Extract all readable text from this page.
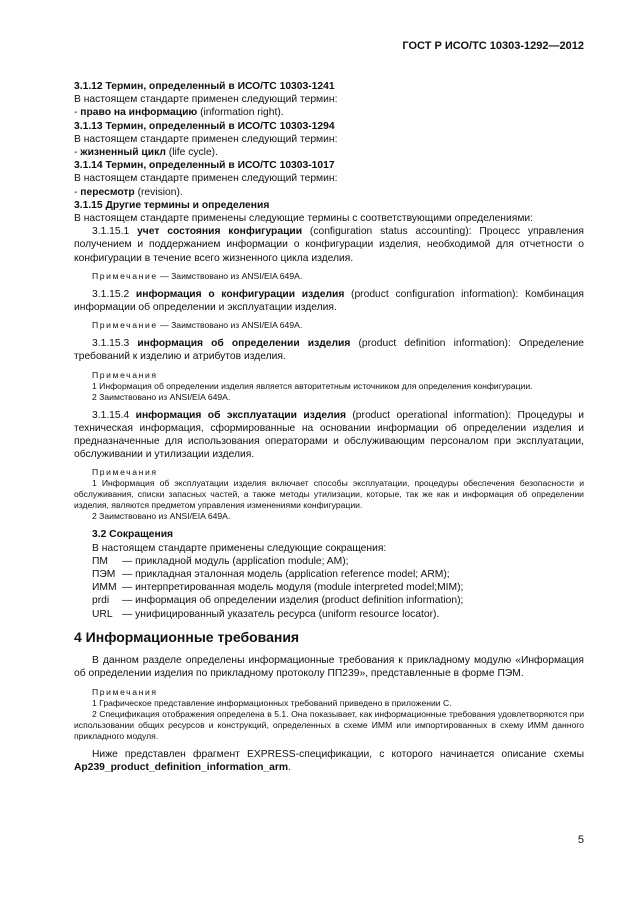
ГОСТ Р ИСО/ТС 10303-1292—2012

3.1.12 Термин, определенный в ИСО/ТС 10303-1241

В настоящем стандарте применен следующий термин:

- право на информацию (information right).

3.1.13 Термин, определенный в ИСО/ТС 10303-1294

В настоящем стандарте применен следующий термин:

- жизненный цикл (life cycle).

3.1.14 Термин, определенный в ИСО/ТС 10303-1017

В настоящем стандарте применен следующий термин:

- пересмотр (revision).

3.1.15 Другие термины и определения

В настоящем стандарте применены следующие термины с соответствующими определениями:

3.1.15.1 учет состояния конфигурации (configuration status accounting): Процесс управления получением и поддержанием информации о конфигурации изделия, необходимой для отчетности о конфигурации в течение всего жизненного цикла изделия.

Примечание — Заимствовано из ANSI/EIA 649A.

3.1.15.2 информация о конфигурации изделия (product configuration information): Комбинация информации об определении и эксплуатации изделия.

Примечание — Заимствовано из ANSI/EIA 649A.

3.1.15.3 информация об определении изделия (product definition information): Определение требований к изделию и атрибутов изделия.

Примечания

1 Информация об определении изделия является авторитетным источником для определения конфигурации.

2 Заимствовано из ANSI/EIA 649A.

3.1.15.4 информация об эксплуатации изделия (product operational information): Процедуры и техническая информация, сформированные на основании информации об определении изделия и предназначенные для использования операторами и обслуживающим персоналом при эксплуатации, обслуживании и утилизации изделия.

Примечания

1 Информация об эксплуатации изделия включает способы эксплуатации, процедуры обеспечения безопасности и обслуживания, списки запасных частей, а также методы утилизации, которые, так же как и информация об определении изделия, являются предметом управления изменениями конфигурации.

2 Заимствовано из ANSI/EIA 649A.

3.2 Сокращения

В настоящем стандарте применены следующие сокращения:

ПМ	— прикладной модуль (application module; AM);
ПЭМ — прикладная эталонная модель (application reference model; ARM);
ИММ — интерпретированная модель модуля (module interpreted model;MIM);
prdi	— информация об определении изделия (product definition information);
URL — унифицированный указатель ресурса (uniform resource locator).

4 Информационные требования

В данном разделе определены информационные требования к прикладному модулю «Информация об определении изделия по прикладному протоколу ПП239», представленные в форме ПЭМ.

Примечания

1 Графическое представление информационных требований приведено в приложении С.

2 Спецификация отображения определена в 5.1. Она показывает, как информационные требования удовлетворяются при использовании общих ресурсов и конструкций, определенных в схеме ИММ или импортированных в схему ИММ данного прикладного модуля.

Ниже представлен фрагмент EXPRESS-спецификации, с которого начинается описание схемы Ap239_product_definition_information_arm.

5
